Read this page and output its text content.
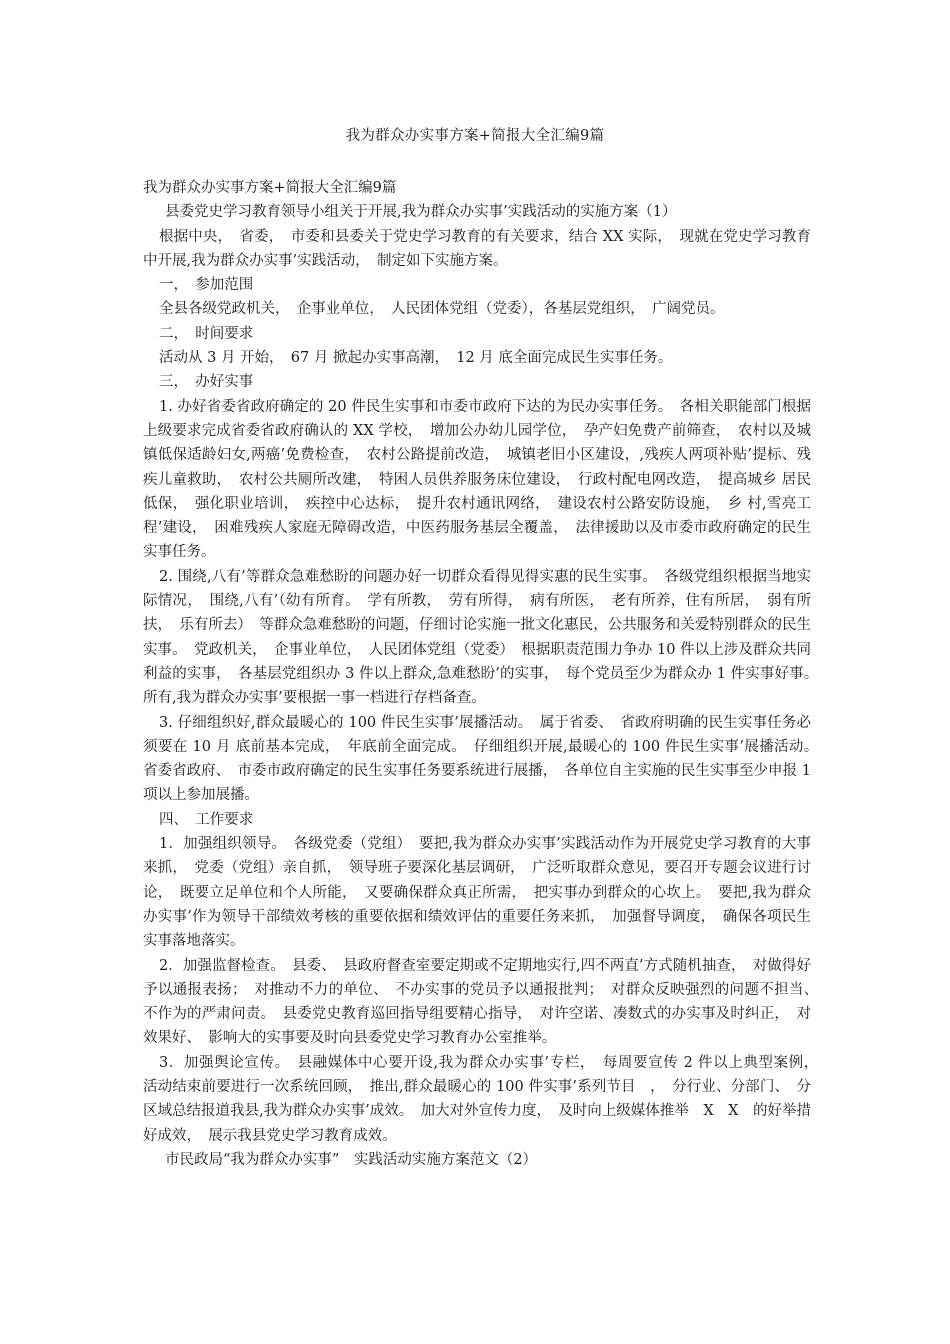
我为群众办实事方案+简报大全汇编9篇

我为群众办实事方案+简报大全汇编9篇

县委党史学习教育领导小组关于开展,我为群众办实事’实践活动的实施方案（1）

根据中央，　省委，　市委和县委关于党史学习教育的有关要求，结合 XX 实际，　现就在党史学习教育中开展,我为群众办实事’实践活动，　制定如下实施方案。

一，　参加范围

全县各级党政机关，　企事业单位，　人民团体党组（党委），各基层党组织，　广阔党员。

二，　时间要求

活动从 3 月 开始，　67 月 掀起办实事高潮，　12 月 底全面完成民生实事任务。

三，　办好实事

1. 办好省委省政府确定的 20 件民生实事和市委市政府下达的为民办实事任务。　各相关职能部门根据上级要求完成省委省政府确认的 XX 学校，　增加公办幼儿园学位，　孕产妇免费产前筛查，　农村以及城镇低保适龄妇女,两癌’免费检查，　农村公路提前改造，　城镇老旧小区建设，,残疾人两项补贴’提标、残疾儿童救助，　农村公共厕所改建，　特困人员供养服务床位建设，　行政村配电网改造，　提高城乡 居民低保，　强化职业培训，　疾控中心达标，　提升农村通讯网络，　建设农村公路安防设施，　乡 村,雪亮工程’建设，　困难残疾人家庭无障碍改造，中医药服务基层全覆盖，　法律援助以及市委市政府确定的民生实事任务。

2. 围绕,八有’等群众急难愁盼的问题办好一切群众看得见得实惠的民生实事。　各级党组织根据当地实际情况，　围绕,八有’（幼有所育。　学有所教，　劳有所得，　病有所医，　老有所养，住有所居，　弱有所扶，　乐有所去）　等群众急难愁盼的问题，仔细讨论实施一批文化惠民，公共服务和关爱特别群众的民生实事。　党政机关，　企事业单位，　人民团体党组（党委）　根据职责范围力争办 10 件以上涉及群众共同利益的实事，　各基层党组织办 3 件以上群众,急难愁盼’的实事，　每个党员至少为群众办 1 件实事好事。　所有,我为群众办实事’要根据一事一档进行存档备查。

3. 仔细组织好,群众最暖心的 100 件民生实事’展播活动。　属于省委、　省政府明确的民生实事任务必须要在 10 月 底前基本完成，　年底前全面完成。　仔细组织开展,最暖心的 100 件民生实事’展播活动。　省委省政府、　市委市政府确定的民生实事任务要系统进行展播，　各单位自主实施的民生实事至少申报 1　项以上参加展播。

四、　工作要求

1．加强组织领导。　各级党委（党组）　要把,我为群众办实事’实践活动作为开展党史学习教育的大事来抓，　党委（党组）亲自抓，　领导班子要深化基层调研，　广泛听取群众意见，要召开专题会议进行讨论，　既要立足单位和个人所能，　又要确保群众真正所需，　把实事办到群众的心坎上。　要把,我为群众办实事’作为领导干部绩效考核的重要依据和绩效评估的重要任务来抓，　加强督导调度，　确保各项民生实事落地落实。

2．加强监督检查。　县委、　县政府督查室要定期或不定期地实行,四不两直’方式随机抽查，　对做得好予以通报表扬；　对推动不力的单位、　不办实事的党员予以通报批判；　对群众反映强烈的问题不担当、　不作为的严肃问责。　县委党史教育巡回指导组要精心指导，　对许空诺、凑数式的办实事及时纠正，　对效果好、　影响大的实事要及时向县委党史学习教育办公室推举。

3．加强舆论宣传。　县融媒体中心要开设,我为群众办实事’专栏，　每周要宣传 2 件以上典型案例，　活动结束前要进行一次系统回顾，　推出,群众最暖心的 100 件实事’系列节目　，　分行业、分部门、　分区域总结报道我县,我为群众办实事’成效。　加大对外宣传力度，　及时向上级媒体推举　X　X　的好举措好成效，　展示我县党史学习教育成效。

市民政局“我为群众办实事”　实践活动实施方案范文（2）
